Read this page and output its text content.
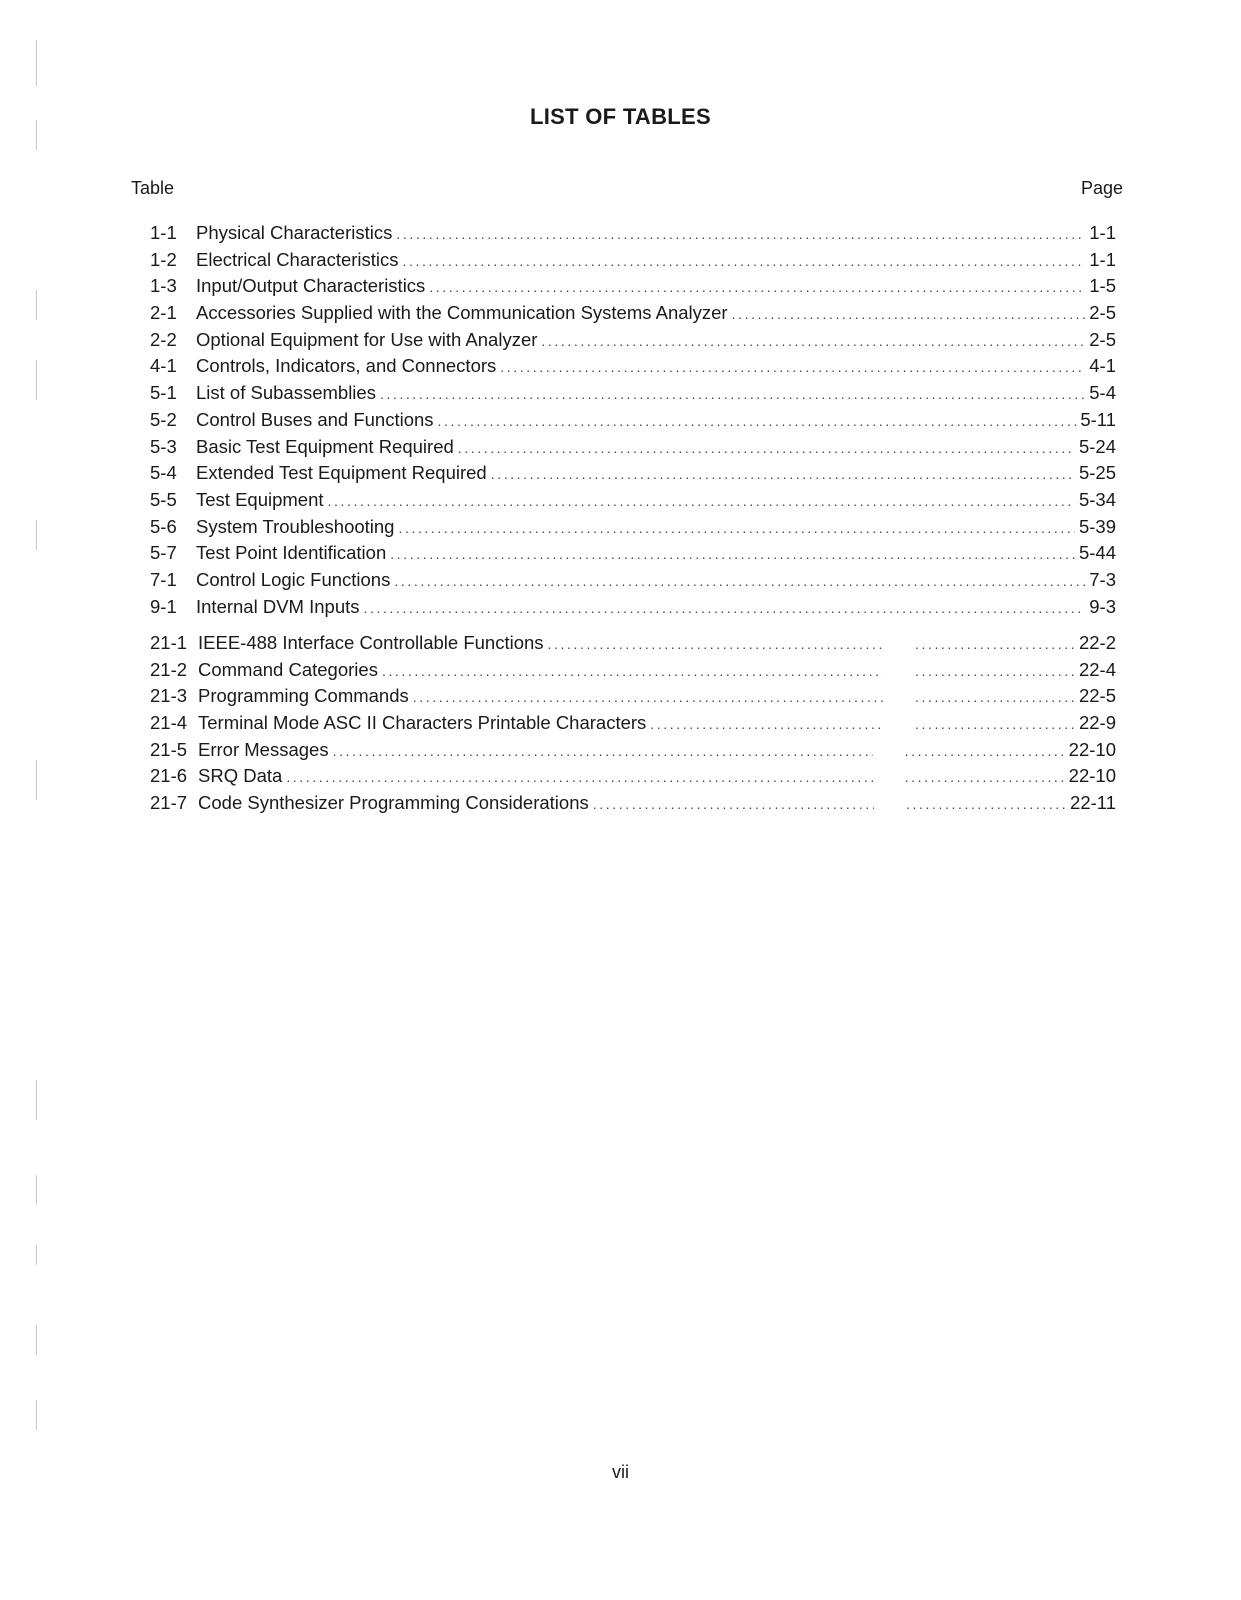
LIST OF TABLES
Table	Page
1-1	Physical Characteristics .....	1-1
1-2	Electrical Characteristics .....	1-1
1-3	Input/Output Characteristics .....	1-5
2-1	Accessories Supplied with the Communication Systems Analyzer .....	2-5
2-2	Optional Equipment for Use with Analyzer .....	2-5
4-1	Controls, Indicators, and Connectors .....	4-1
5-1	List of Subassemblies .....	5-4
5-2	Control Buses and Functions .....	5-11
5-3	Basic Test Equipment Required .....	5-24
5-4	Extended Test Equipment Required .....	5-25
5-5	Test Equipment .....	5-34
5-6	System Troubleshooting .....	5-39
5-7	Test Point Identification .....	5-44
7-1	Control Logic Functions .....	7-3
9-1	Internal DVM Inputs .....	9-3
21-1 IEEE-488 Interface Controllable Functions ..... .....	22-2
21-2 Command Categories ..... .....	22-4
21-3 Programming Commands ..... .....	22-5
21-4 Terminal Mode ASC II Characters Printable Characters ..... .....	22-9
21-5 Error Messages ..... .....	22-10
21-6 SRQ Data ..... .....	22-10
21-7 Code Synthesizer Programming Considerations ..... .....	22-11
vii
